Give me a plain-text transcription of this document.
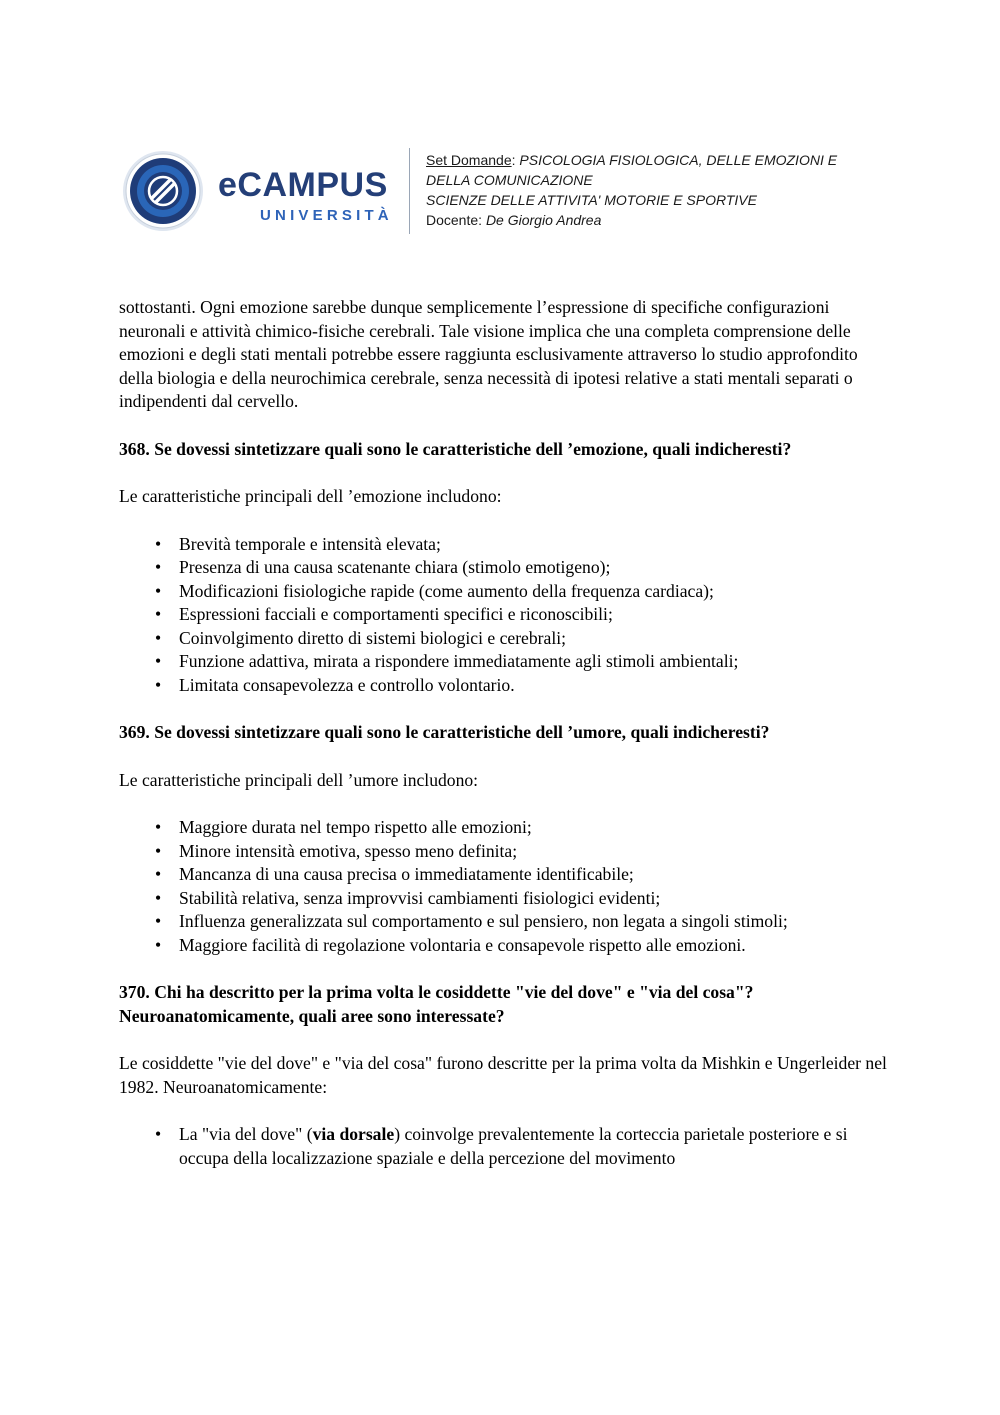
eCAMPUS
UNIVERSITÀ
Set Domande: PSICOLOGIA FISIOLOGICA, DELLE EMOZIONI E
DELLA COMUNICAZIONE
SCIENZE DELLE ATTIVITA' MOTORIE E SPORTIVE
Docente: De Giorgio Andrea

sottostanti. Ogni emozione sarebbe dunque semplicemente l’espressione di specifiche configurazioni neuronali e attività chimico-fisiche cerebrali. Tale visione implica che una completa comprensione delle emozioni e degli stati mentali potrebbe essere raggiunta esclusivamente attraverso lo studio approfondito della biologia e della neurochimica cerebrale, senza necessità di ipotesi relative a stati mentali separati o indipendenti dal cervello.

368. Se dovessi sintetizzare quali sono le caratteristiche dell ’emozione, quali indicheresti?

Le caratteristiche principali dell ’emozione includono:

• Brevità temporale e intensità elevata;
• Presenza di una causa scatenante chiara (stimolo emotigeno);
• Modificazioni fisiologiche rapide (come aumento della frequenza cardiaca);
• Espressioni facciali e comportamenti specifici e riconoscibili;
• Coinvolgimento diretto di sistemi biologici e cerebrali;
• Funzione adattiva, mirata a rispondere immediatamente agli stimoli ambientali;
• Limitata consapevolezza e controllo volontario.

369. Se dovessi sintetizzare quali sono le caratteristiche dell ’umore, quali indicheresti?

Le caratteristiche principali dell ’umore includono:

• Maggiore durata nel tempo rispetto alle emozioni;
• Minore intensità emotiva, spesso meno definita;
• Mancanza di una causa precisa o immediatamente identificabile;
• Stabilità relativa, senza improvvisi cambiamenti fisiologici evidenti;
• Influenza generalizzata sul comportamento e sul pensiero, non legata a singoli stimoli;
• Maggiore facilità di regolazione volontaria e consapevole rispetto alle emozioni.

370. Chi ha descritto per la prima volta le cosiddette "vie del dove" e "via del cosa"? Neuroanatomicamente, quali aree sono interessate?

Le cosiddette "vie del dove" e "via del cosa" furono descritte per la prima volta da Mishkin e Ungerleider nel 1982. Neuroanatomicamente:

• La "via del dove" (via dorsale) coinvolge prevalentemente la corteccia parietale posteriore e si occupa della localizzazione spaziale e della percezione del movimento
